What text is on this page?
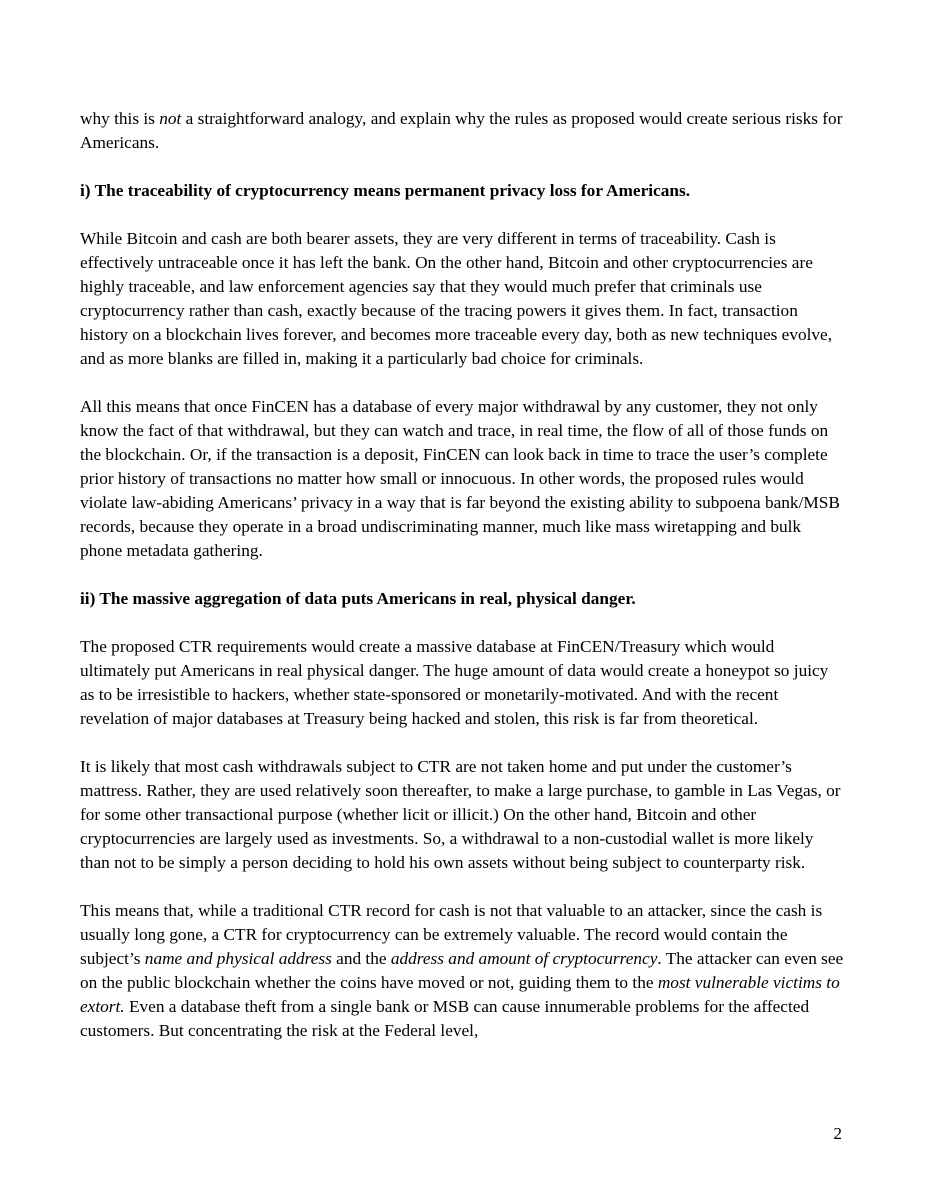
why this is not a straightforward analogy, and explain why the rules as proposed would create serious risks for Americans.

i) The traceability of cryptocurrency means permanent privacy loss for Americans.

While Bitcoin and cash are both bearer assets, they are very different in terms of traceability. Cash is effectively untraceable once it has left the bank. On the other hand, Bitcoin and other cryptocurrencies are highly traceable, and law enforcement agencies say that they would much prefer that criminals use cryptocurrency rather than cash, exactly because of the tracing powers it gives them. In fact, transaction history on a blockchain lives forever, and becomes more traceable every day, both as new techniques evolve, and as more blanks are filled in, making it a particularly bad choice for criminals.

All this means that once FinCEN has a database of every major withdrawal by any customer, they not only know the fact of that withdrawal, but they can watch and trace, in real time, the flow of all of those funds on the blockchain. Or, if the transaction is a deposit, FinCEN can look back in time to trace the user’s complete prior history of transactions no matter how small or innocuous. In other words, the proposed rules would violate law-abiding Americans’ privacy in a way that is far beyond the existing ability to subpoena bank/MSB records, because they operate in a broad undiscriminating manner, much like mass wiretapping and bulk phone metadata gathering.

ii) The massive aggregation of data puts Americans in real, physical danger.

The proposed CTR requirements would create a massive database at FinCEN/Treasury which would ultimately put Americans in real physical danger. The huge amount of data would create a honeypot so juicy as to be irresistible to hackers, whether state-sponsored or monetarily-motivated. And with the recent revelation of major databases at Treasury being hacked and stolen, this risk is far from theoretical.

It is likely that most cash withdrawals subject to CTR are not taken home and put under the customer’s mattress. Rather, they are used relatively soon thereafter, to make a large purchase, to gamble in Las Vegas, or for some other transactional purpose (whether licit or illicit.) On the other hand, Bitcoin and other cryptocurrencies are largely used as investments. So, a withdrawal to a non-custodial wallet is more likely than not to be simply a person deciding to hold his own assets without being subject to counterparty risk.

This means that, while a traditional CTR record for cash is not that valuable to an attacker, since the cash is usually long gone, a CTR for cryptocurrency can be extremely valuable. The record would contain the subject’s name and physical address and the address and amount of cryptocurrency. The attacker can even see on the public blockchain whether the coins have moved or not, guiding them to the most vulnerable victims to extort. Even a database theft from a single bank or MSB can cause innumerable problems for the affected customers. But concentrating the risk at the Federal level,

2
